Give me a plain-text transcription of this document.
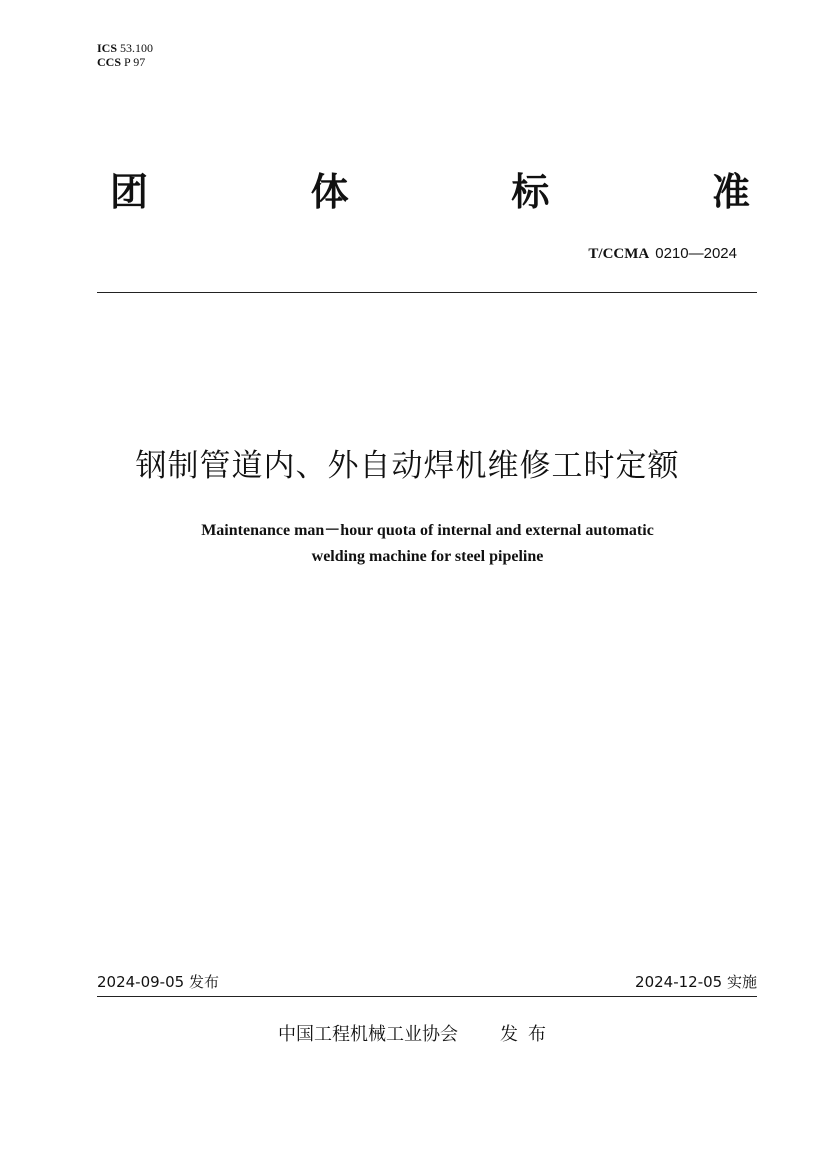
ICS 53.100
CCS P 97
团	体	标	准
T/CCMA 0210—2024
钢制管道内、外自动焊机维修工时定额
Maintenance man－hour quota of internal and external automatic
welding machine for steel pipeline
2024-09-05 发布	2024-12-05 实施
中国工程机械工业协会 发布
